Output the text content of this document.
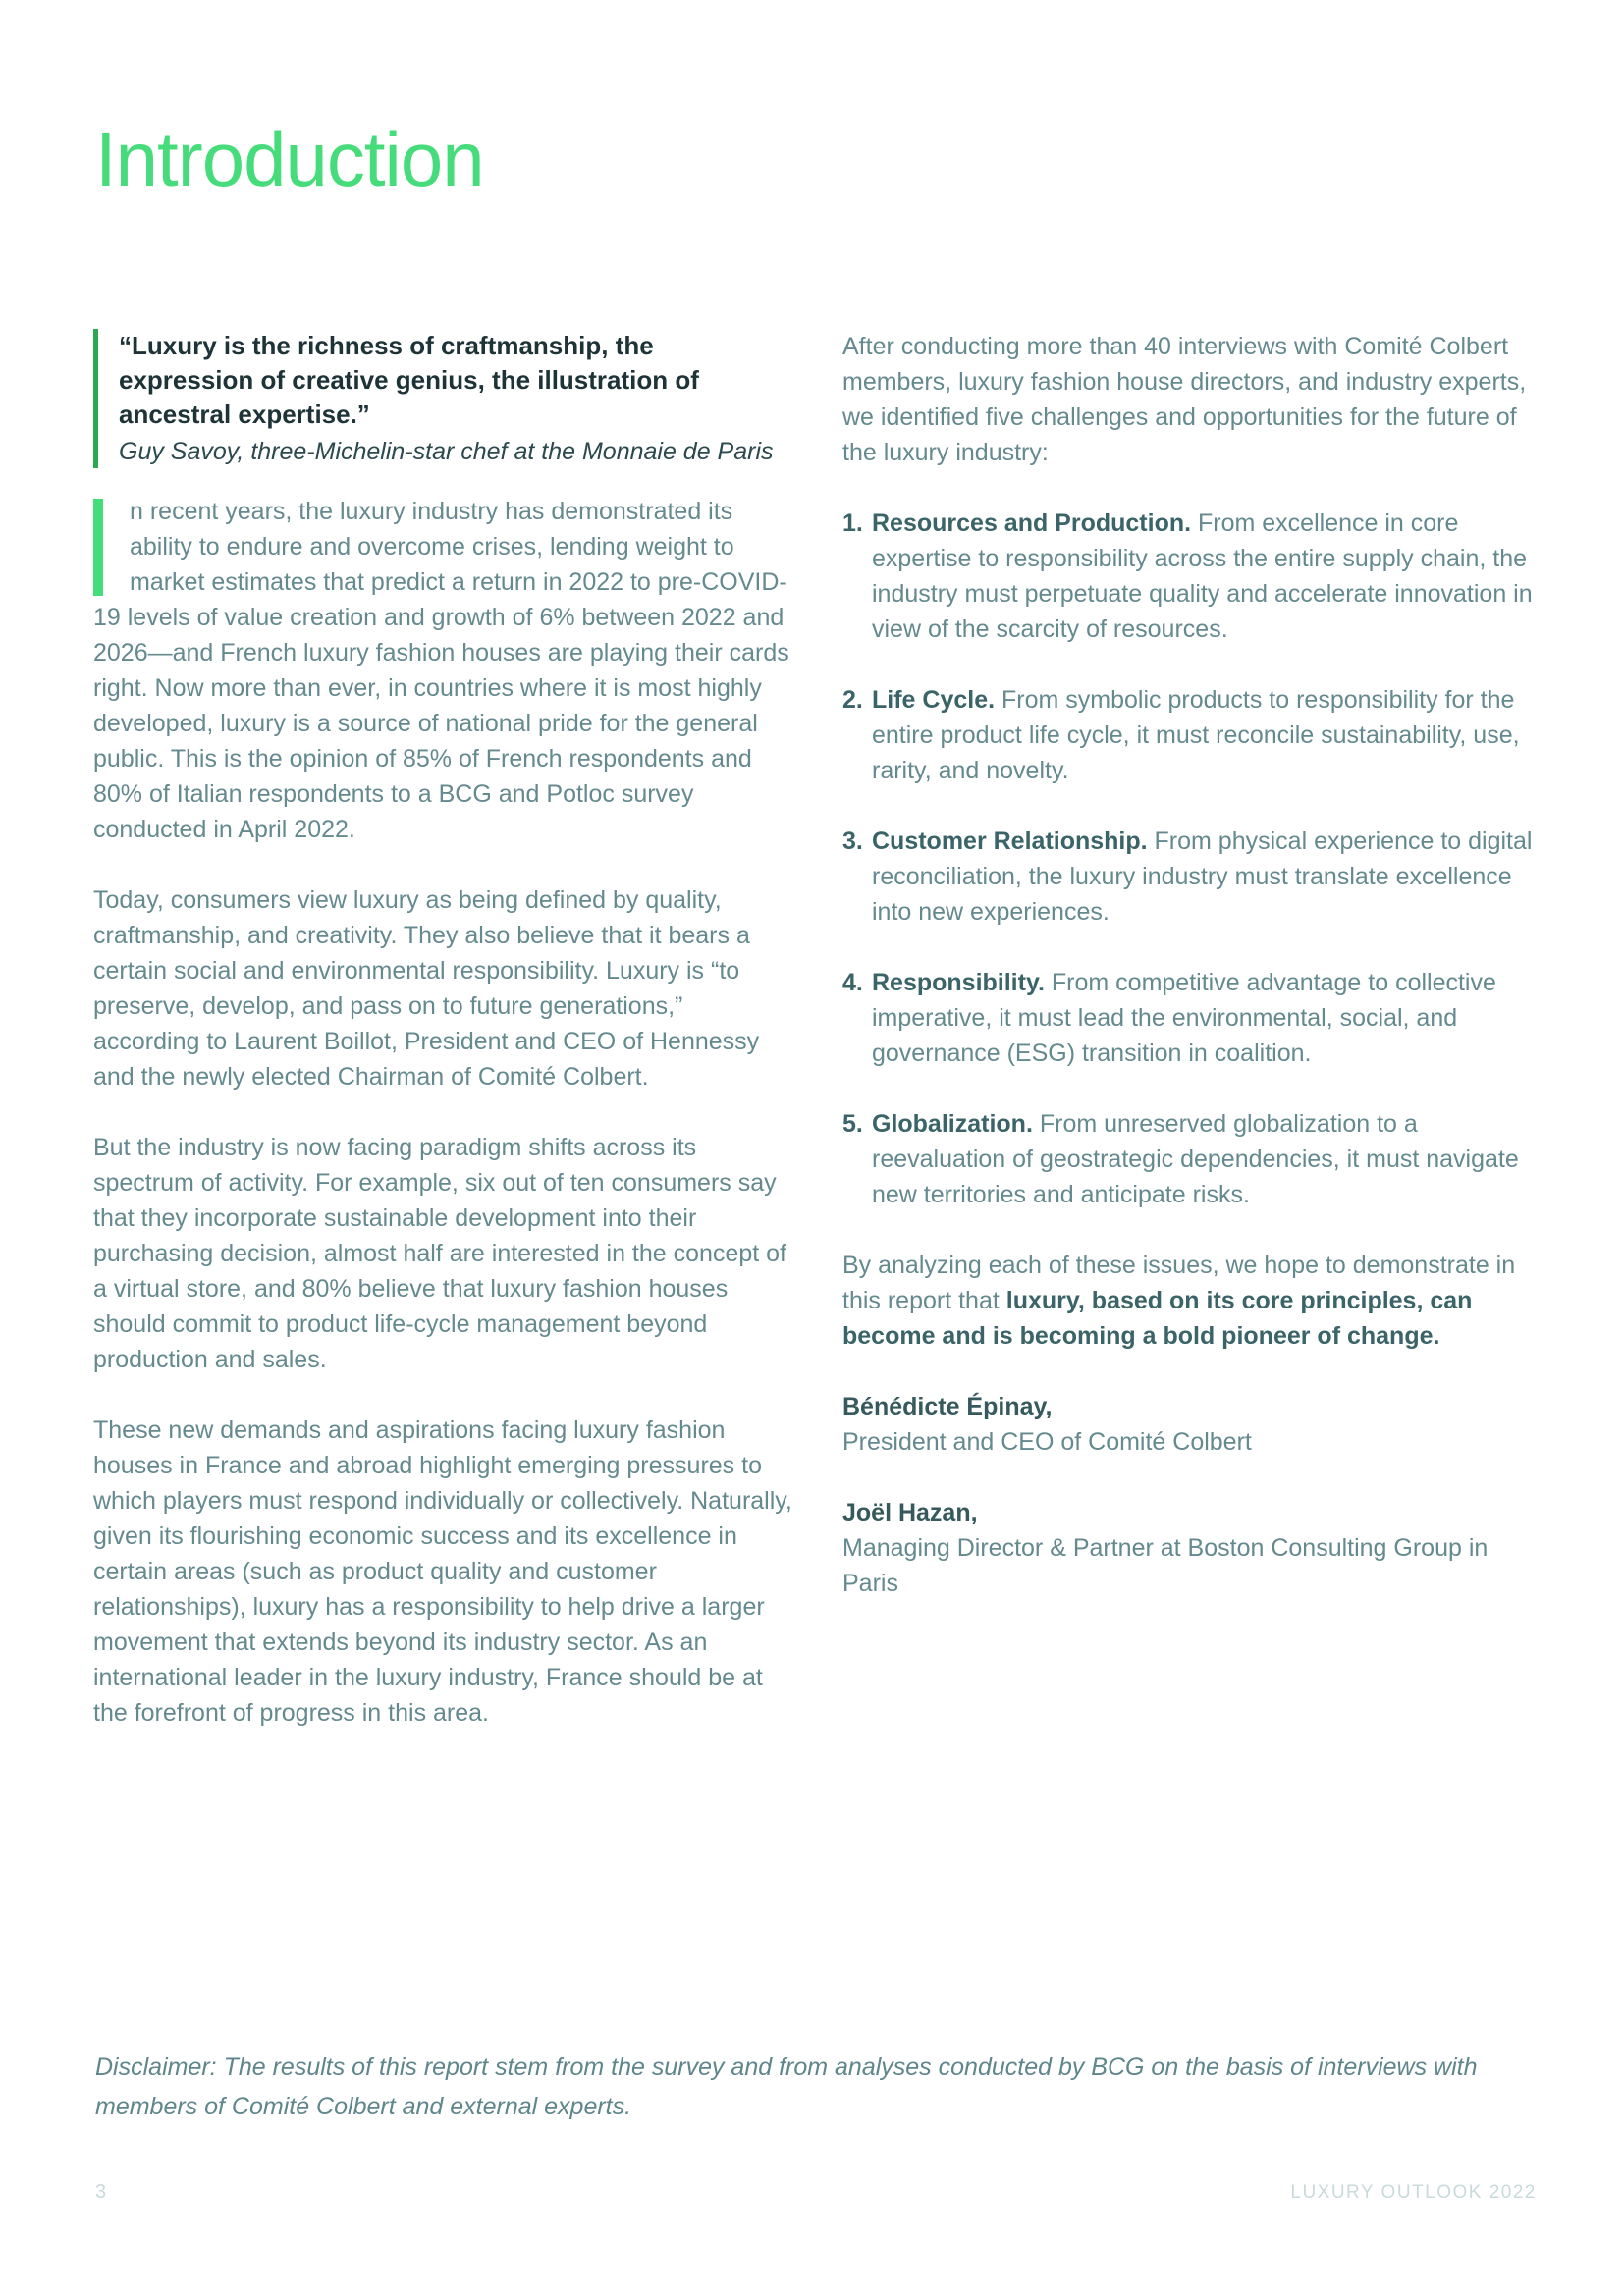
Introduction
“Luxury is the richness of craftmanship, the expression of creative genius, the illustration of ancestral expertise.”
Guy Savoy, three-Michelin-star chef at the Monnaie de Paris

n recent years, the luxury industry has demonstrated its ability to endure and overcome crises, lending weight to market estimates that predict a return in 2022 to pre-COVID-19 levels of value creation and growth of 6% between 2022 and 2026—and French luxury fashion houses are playing their cards right. Now more than ever, in countries where it is most highly developed, luxury is a source of national pride for the general public. This is the opinion of 85% of French respondents and 80% of Italian respondents to a BCG and Potloc survey conducted in April 2022.

Today, consumers view luxury as being defined by quality, craftmanship, and creativity. They also believe that it bears a certain social and environmental responsibility. Luxury is “to preserve, develop, and pass on to future generations,” according to Laurent Boillot, President and CEO of Hennessy and the newly elected Chairman of Comité Colbert.

But the industry is now facing paradigm shifts across its spectrum of activity. For example, six out of ten consumers say that they incorporate sustainable development into their purchasing decision, almost half are interested in the concept of a virtual store, and 80% believe that luxury fashion houses should commit to product life-cycle management beyond production and sales.

These new demands and aspirations facing luxury fashion houses in France and abroad highlight emerging pressures to which players must respond individually or collectively. Naturally, given its flourishing economic success and its excellence in certain areas (such as product quality and customer relationships), luxury has a responsibility to help drive a larger movement that extends beyond its industry sector. As an international leader in the luxury industry, France should be at the forefront of progress in this area.

After conducting more than 40 interviews with Comité Colbert members, luxury fashion house directors, and industry experts, we identified five challenges and opportunities for the future of the luxury industry:

1. Resources and Production. From excellence in core expertise to responsibility across the entire supply chain, the industry must perpetuate quality and accelerate innovation in view of the scarcity of resources.
2. Life Cycle. From symbolic products to responsibility for the entire product life cycle, it must reconcile sustainability, use, rarity, and novelty.
3. Customer Relationship. From physical experience to digital reconciliation, the luxury industry must translate excellence into new experiences.
4. Responsibility. From competitive advantage to collective imperative, it must lead the environmental, social, and governance (ESG) transition in coalition.
5. Globalization. From unreserved globalization to a reevaluation of geostrategic dependencies, it must navigate new territories and anticipate risks.

By analyzing each of these issues, we hope to demonstrate in this report that luxury, based on its core principles, can become and is becoming a bold pioneer of change.

Bénédicte Épinay,
President and CEO of Comité Colbert
Joël Hazan,
Managing Director & Partner at Boston Consulting Group in Paris
Disclaimer: The results of this report stem from the survey and from analyses conducted by BCG on the basis of interviews with members of Comité Colbert and external experts.
3	LUXURY OUTLOOK 2022
